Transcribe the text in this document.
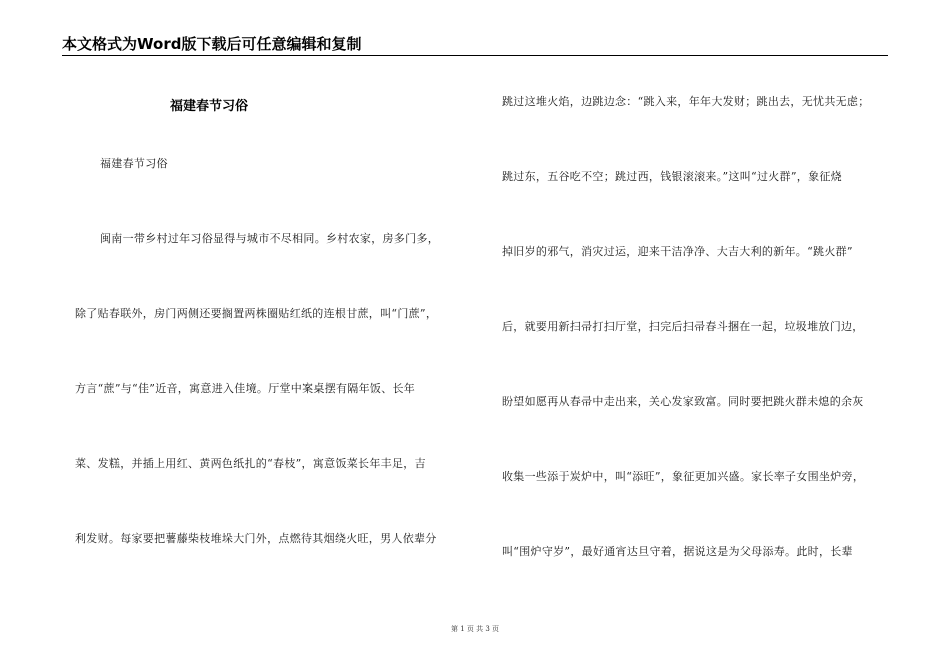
本文格式为Word版下载后可任意编辑和复制
福建春节习俗
福建春节习俗
闽南一带乡村过年习俗显得与城市不尽相同。乡村农家，房多门多，
除了贴春联外，房门两侧还要搁置两株圈贴红纸的连根甘蔗，叫“门蔗”，
方言“蔗”与“佳”近音，寓意进入佳境。厅堂中案桌摆有隔年饭、长年
菜、发糕，并插上用红、黄两色纸扎的“春枝”，寓意饭菜长年丰足，吉
利发财。每家要把薯藤柴枝堆垛大门外，点燃待其烟绕火旺，男人依辈分
跳过这堆火焰，边跳边念：“跳入来，年年大发财；跳出去，无忧共无虑；
跳过东，五谷吃不空；跳过西，钱银滚滚来。”这叫“过火群”，象征烧
掉旧岁的邪气，消灾过运，迎来干洁净净、大吉大利的新年。“跳火群”
后，就要用新扫帚打扫厅堂，扫完后扫帚春斗捆在一起，垃圾堆放门边，
盼望如愿再从春帚中走出来，关心发家致富。同时要把跳火群未熄的余灰
收集一些添于炭炉中，叫“添旺”，象征更加兴盛。家长率子女围坐炉旁，
叫“围炉守岁”，最好通宵达旦守着，据说这是为父母添寿。此时，长辈
第 1 页 共 3 页
